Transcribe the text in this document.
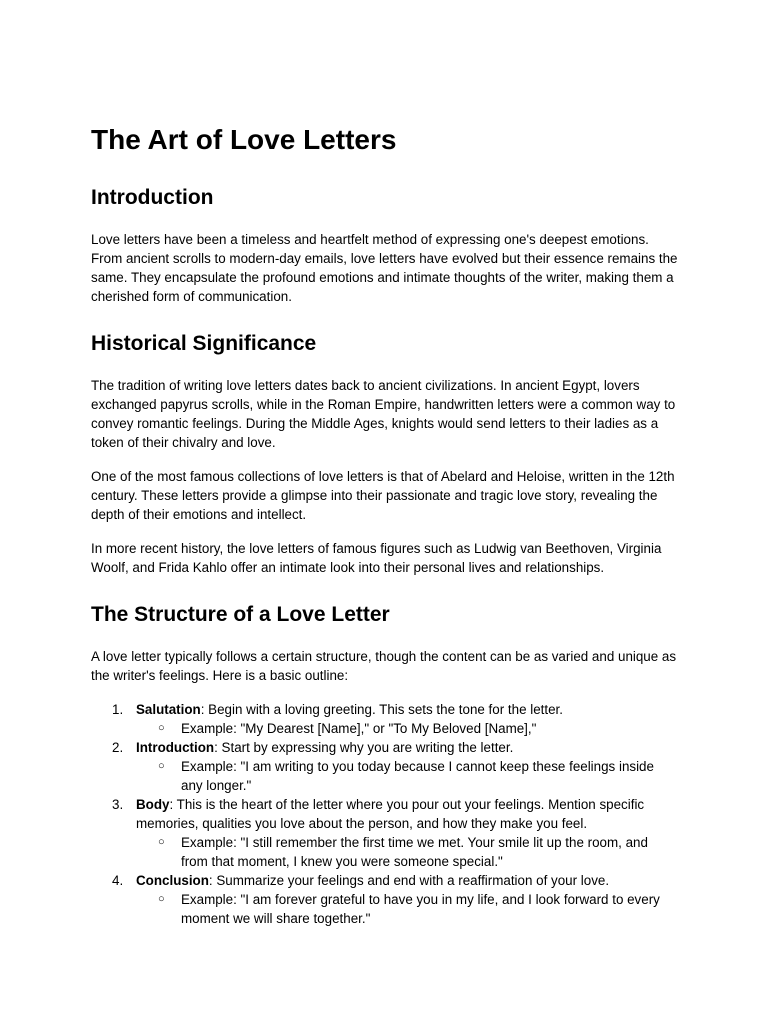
The Art of Love Letters
Introduction

Love letters have been a timeless and heartfelt method of expressing one's deepest emotions. From ancient scrolls to modern-day emails, love letters have evolved but their essence remains the same. They encapsulate the profound emotions and intimate thoughts of the writer, making them a cherished form of communication.

Historical Significance

The tradition of writing love letters dates back to ancient civilizations. In ancient Egypt, lovers exchanged papyrus scrolls, while in the Roman Empire, handwritten letters were a common way to convey romantic feelings. During the Middle Ages, knights would send letters to their ladies as a token of their chivalry and love.

One of the most famous collections of love letters is that of Abelard and Heloise, written in the 12th century. These letters provide a glimpse into their passionate and tragic love story, revealing the depth of their emotions and intellect.

In more recent history, the love letters of famous figures such as Ludwig van Beethoven, Virginia Woolf, and Frida Kahlo offer an intimate look into their personal lives and relationships.

The Structure of a Love Letter

A love letter typically follows a certain structure, though the content can be as varied and unique as the writer's feelings. Here is a basic outline:

1. Salutation: Begin with a loving greeting. This sets the tone for the letter.
○ Example: "My Dearest [Name]," or "To My Beloved [Name],"
2. Introduction: Start by expressing why you are writing the letter.
○ Example: "I am writing to you today because I cannot keep these feelings inside any longer."
3. Body: This is the heart of the letter where you pour out your feelings. Mention specific memories, qualities you love about the person, and how they make you feel.
○ Example: "I still remember the first time we met. Your smile lit up the room, and from that moment, I knew you were someone special."
4. Conclusion: Summarize your feelings and end with a reaffirmation of your love.
○ Example: "I am forever grateful to have you in my life, and I look forward to every moment we will share together."
